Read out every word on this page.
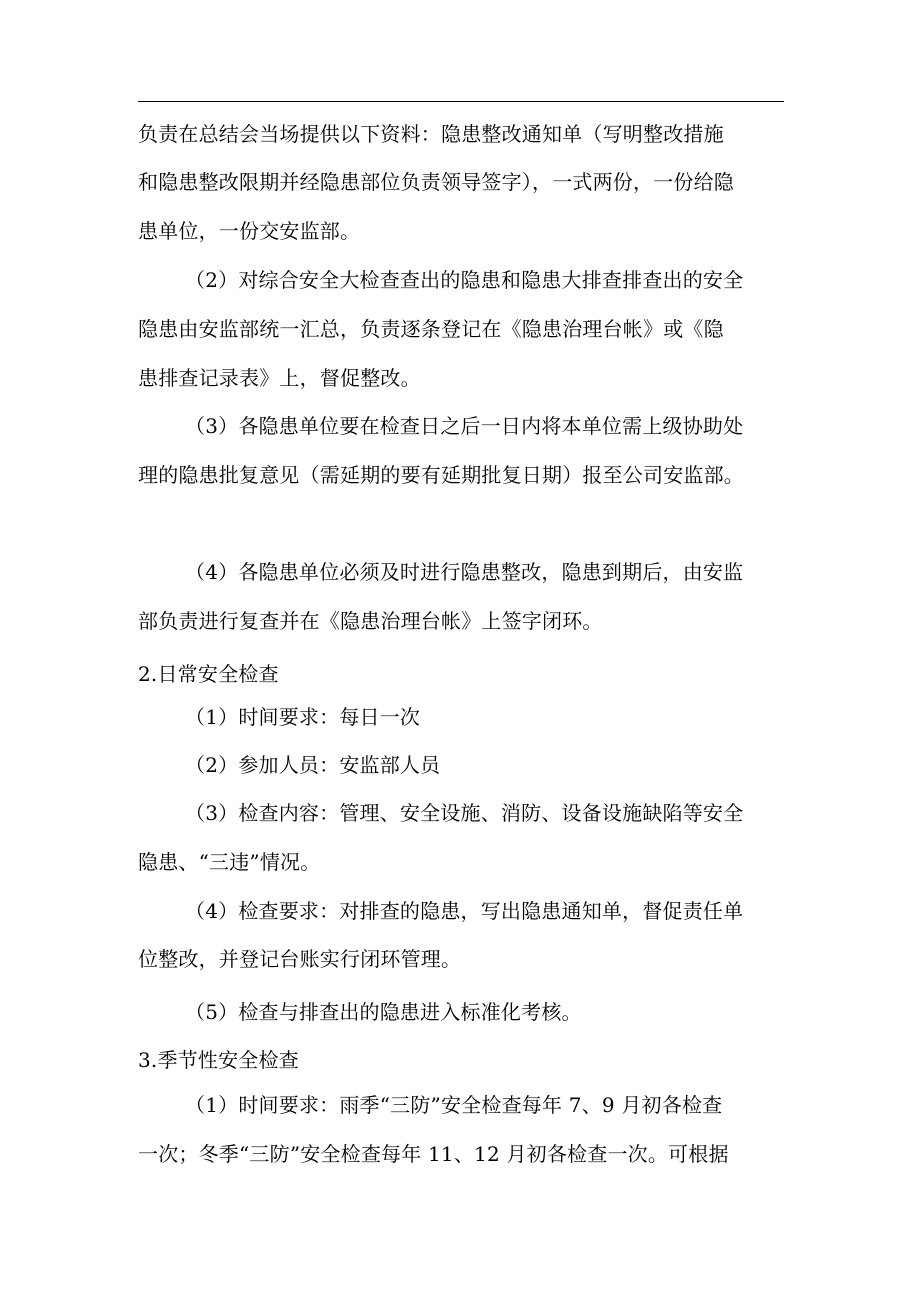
负责在总结会当场提供以下资料：隐患整改通知单（写明整改措施
和隐患整改限期并经隐患部位负责领导签字），一式两份，一份给隐
患单位，一份交安监部。
（2）对综合安全大检查查出的隐患和隐患大排查排查出的安全
隐患由安监部统一汇总，负责逐条登记在《隐患治理台帐》或《隐
患排查记录表》上，督促整改。
（3）各隐患单位要在检查日之后一日内将本单位需上级协助处
理的隐患批复意见（需延期的要有延期批复日期）报至公司安监部。
（4）各隐患单位必须及时进行隐患整改，隐患到期后，由安监
部负责进行复查并在《隐患治理台帐》上签字闭环。
2.日常安全检查
（1）时间要求：每日一次
（2）参加人员：安监部人员
（3）检查内容：管理、安全设施、消防、设备设施缺陷等安全
隐患、“三违”情况。
（4）检查要求：对排查的隐患，写出隐患通知单，督促责任单
位整改，并登记台账实行闭环管理。
（5）检查与排查出的隐患进入标准化考核。
3.季节性安全检查
（1）时间要求：雨季“三防”安全检查每年 7、9 月初各检查
一次；冬季“三防”安全检查每年 11、12 月初各检查一次。可根据
